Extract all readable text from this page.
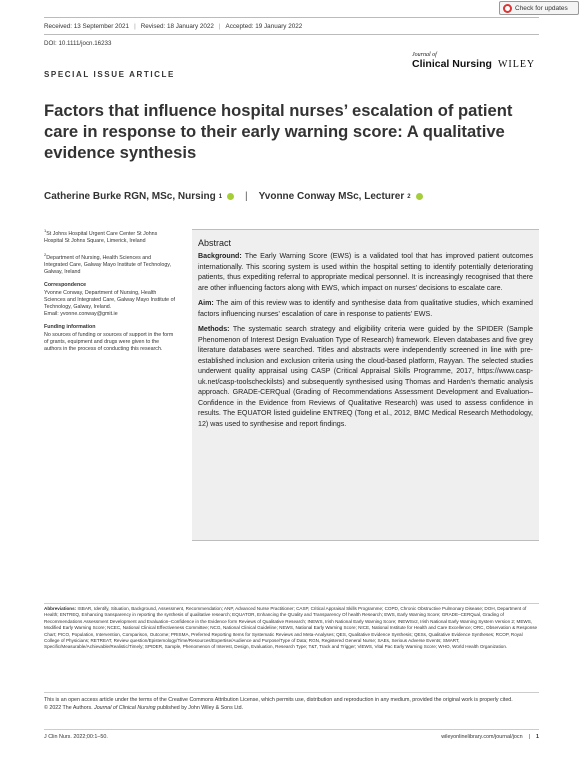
Check for updates
Received: 13 September 2021 | Revised: 18 January 2022 | Accepted: 19 January 2022
DOI: 10.1111/jocn.16233
Journal of
Clinical Nursing WILEY
SPECIAL ISSUE ARTICLE
Factors that influence hospital nurses’ escalation of patient care in response to their early warning score: A qualitative evidence synthesis
Catherine Burke RGN, MSc, Nursing 1 | Yvonne Conway MSc, Lecturer 2

$^1$St Johns Hospital Urgent Care Center St Johns Hospital St Johns Square, Limerick, Ireland

$^2$Department of Nursing, Health Sciences and Integrated Care, Galway Mayo Institute of Technology, Galway, Ireland

Correspondence
Yvonne Conway, Department of Nursing, Health Sciences and Integrated Care, Galway Mayo Institute of Technology, Galway, Ireland.
Email: yvonne.conway@gmit.ie

Funding information
No sources of funding or sources of support in the form of grants, equipment and drugs were given to the authors in the process of conducting this research.

Abstract

Background: The Early Warning Score (EWS) is a validated tool that has improved patient outcomes internationally. This scoring system is used within the hospital setting to identify potentially deteriorating patients, thus expediting referral to appropriate medical personnel. It is increasingly recognised that there are other influencing factors along with EWS, which impact on nurses' decisions to escalate care.

Aim: The aim of this review was to identify and synthesise data from qualitative studies, which examined factors influencing nurses' escalation of care in response to patients' EWS.

Methods: The systematic search strategy and eligibility criteria were guided by the SPIDER (Sample Phenomenon of Interest Design Evaluation Type of Research) framework. Eleven databases and five grey literature databases were searched. Titles and abstracts were independently screened in line with pre-established inclusion and exclusion criteria using the cloud-based platform, Rayyan. The selected studies underwent quality appraisal using CASP (Critical Appraisal Skills Programme, 2017, https://www.casp-uk.net/casp-toolscheckilsts) and subsequently synthesised using Thomas and Harden's thematic analysis approach. GRADE-CERQual (Grading of Recommendations Assessment Development and Evaluation–Confidence in the Evidence from Reviews of Qualitative Research) was used to assess confidence in results. The EQUATOR listed guideline ENTREQ (Tong et al., 2012, BMC Medical Research Methodology, 12) was used to synthesise and report findings.

Abbreviations: ISBAR, Identify, Situation, Background, Assessment, Recommendation; ANP, Advanced Nurse Practitioner; CASP, Critical Appraisal Skills Programme; COPD, Chronic Obstructive Pulmonary Disease; DOH, Department of Health; ENTREQ, Enhancing transparency in reporting the synthesis of qualitative research; EQUATOR, Enhancing the QUality and Transparency Of health Research; EWS, Early Warning Score; GRADE–CERQual, Grading of Recommendations Assessment Development and Evaluation–Confidence in the Evidence form Reviews of Qualitative Research; INEWS, Irish National Early Warning Score; INEWSv2, Irish National Early Warning System Version 2; MEWS, Modified Early Warning Score; NCEC, National Clinical Effectiveness Committee; NCG, National Clinical Guideline; NEWS, National Early Warning Score; NICE, National Institute for Health and Care Excellence; ORC, Observation & Response Chart; PICO, Population, Intervention, Comparison, Outcome; PRISMA, Preferred Reporting Items for Systematic Reviews and Meta-Analyses; QES, Qualitative Evidence Synthesis; QESs, Qualitative Evidence Syntheses; RCOP, Royal College of Physicians; RETREAT, Review question/Epistemology/Time/Resources/Expertise/Audience and Purpose/Type of Data; RGN, Registered General Nurse; SAEs, Serious Adverse Events; SMART, Specific/Measurable/Achievable/Realistic/Timely; SPIDER, Sample, Phenomenon of Interest, Design, Evaluation, Research Type; T&T, Track and Trigger; ViEWS, Vital Pac Early Warning Score; WHO, World Health Organization.
This is an open access article under the terms of the Creative Commons Attribution License, which permits use, distribution and reproduction in any medium, provided the original work is properly cited.
© 2022 The Authors. Journal of Clinical Nursing published by John Wiley & Sons Ltd.
J Clin Nurs. 2022;00:1–50.	wileyonlinelibrary.com/journal/jocn | 1
